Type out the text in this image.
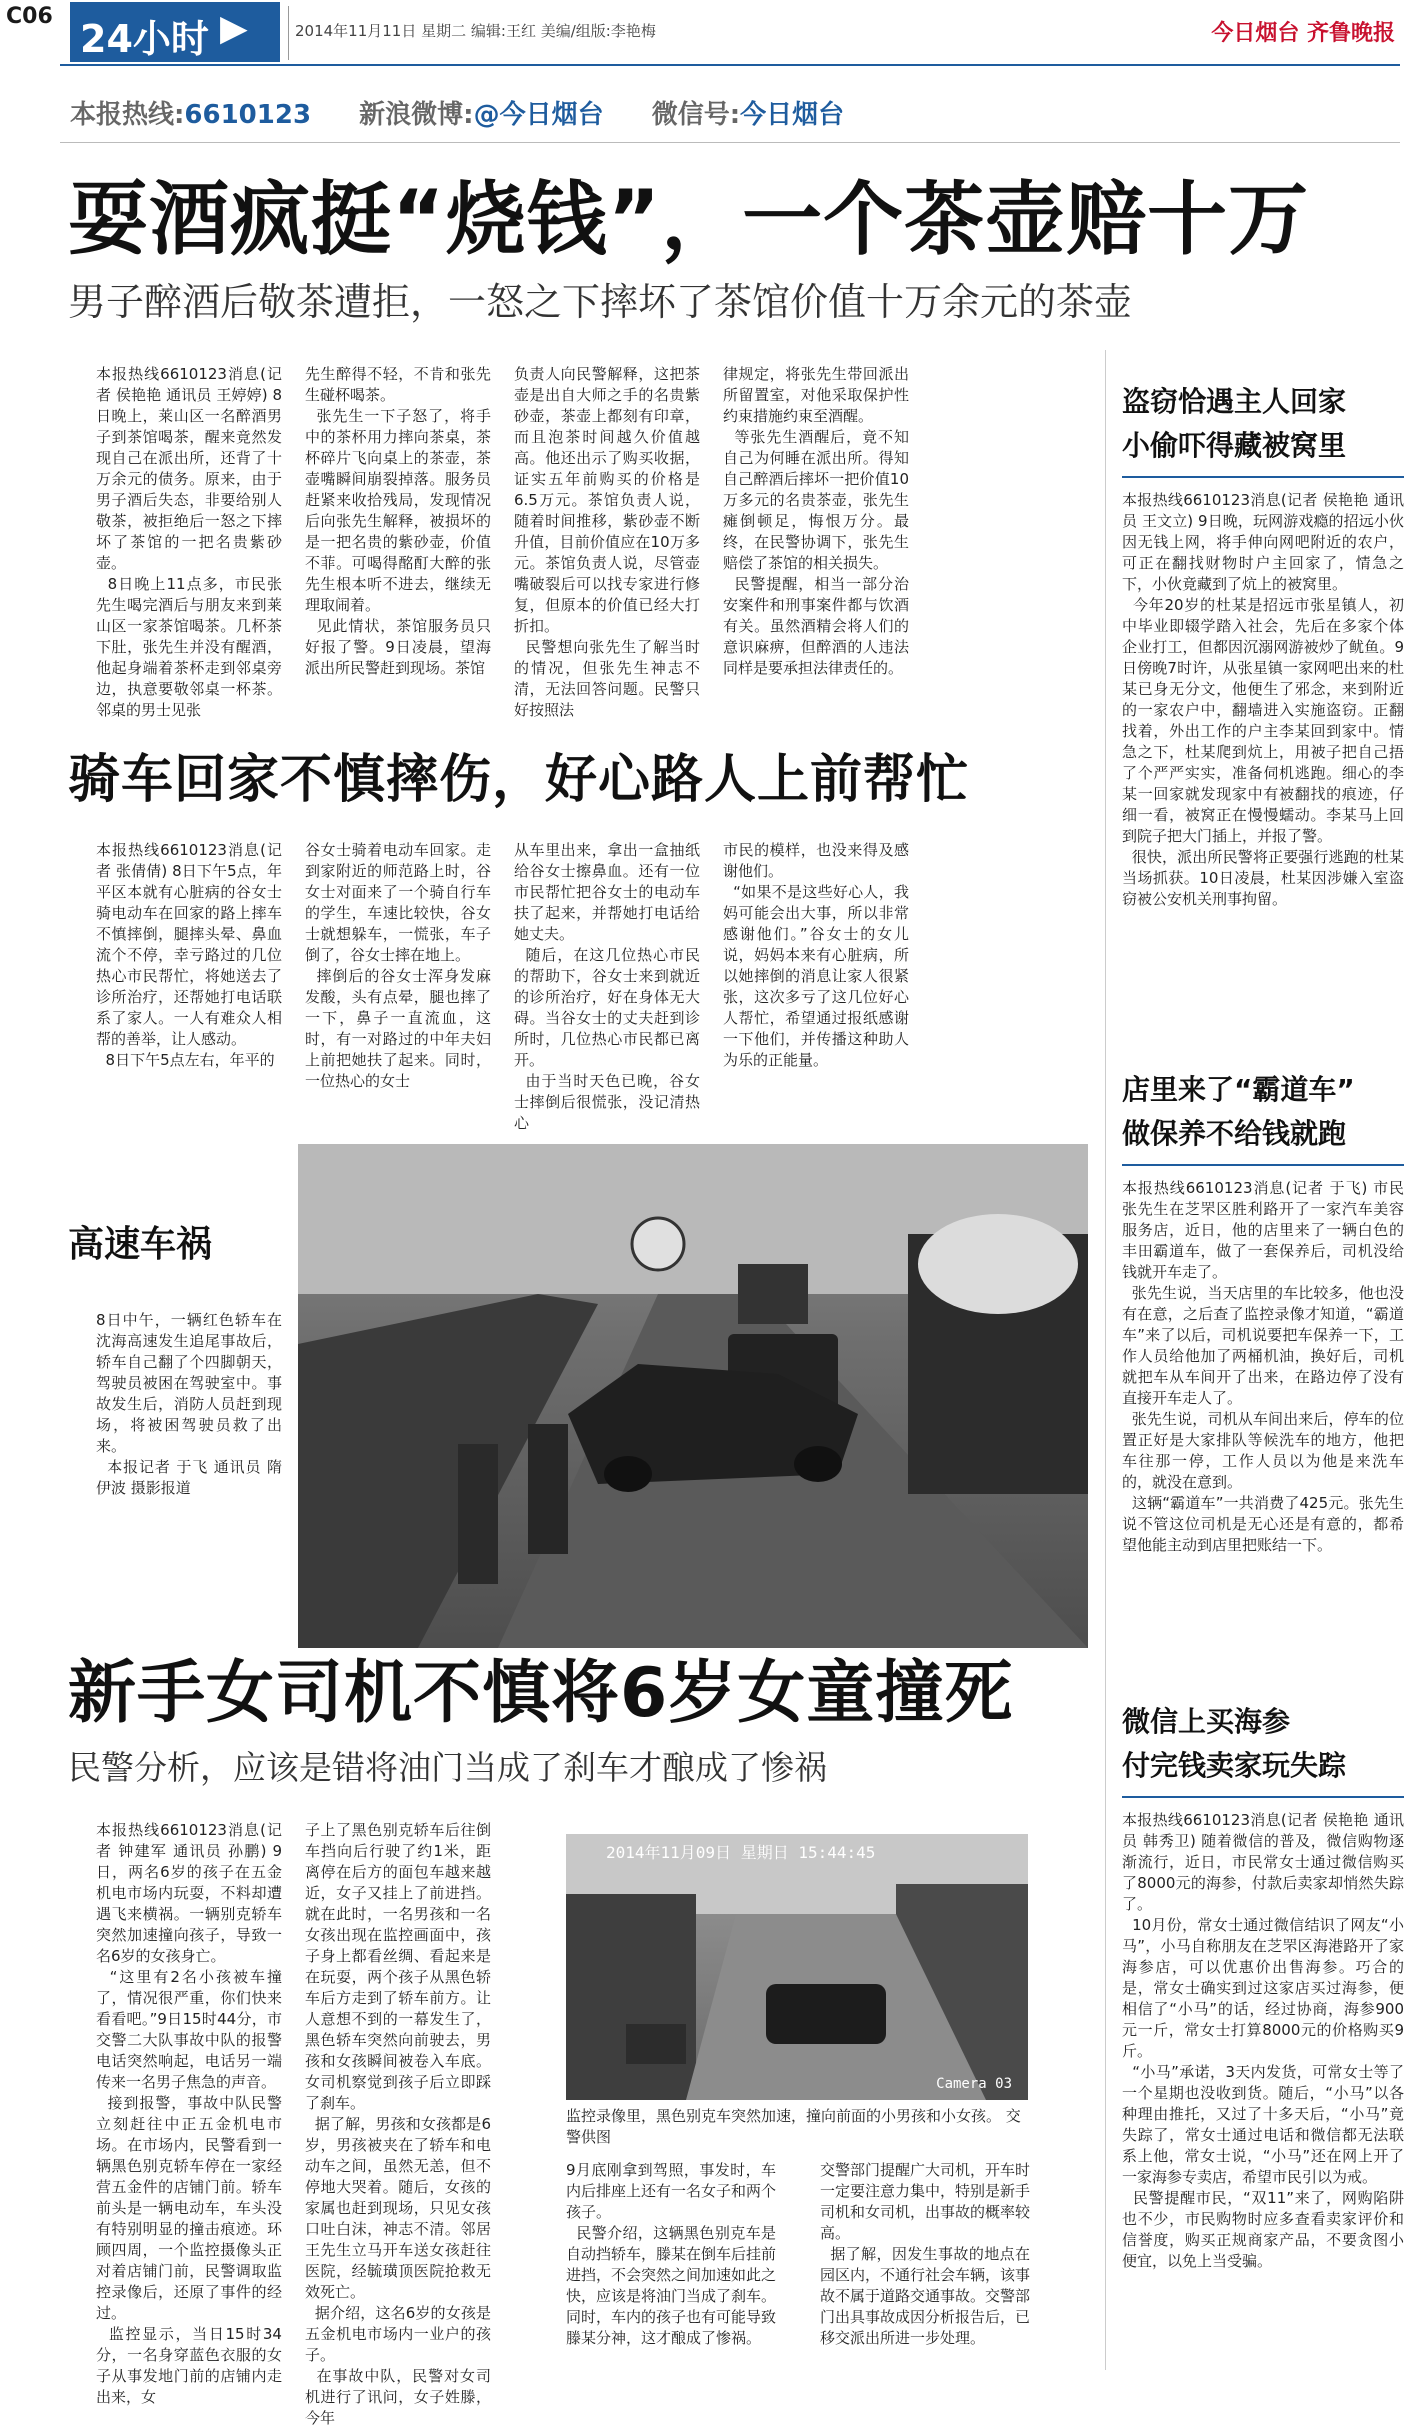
C06
24小时 ▶	2014年11月11日 星期二 编辑:王红 美编/组版:李艳梅	今日烟台 齐鲁晚报
本报热线:6610123 新浪微博:@今日烟台 微信号:今日烟台
耍酒疯挺“烧钱”，一个茶壶赔十万
男子醉酒后敬茶遭拒，一怒之下摔坏了茶馆价值十万余元的茶壶
本报热线6610123消息(记者 侯艳艳 通讯员 王婷婷) 8日晚上，莱山区一名醉酒男子到茶馆喝茶，醒来竟然发现自己在派出所，还背了十万余元的债务。原来，由于男子酒后失态，非要给别人敬茶，被拒绝后一怒之下摔坏了茶馆的一把名贵紫砂壶。
8日晚上11点多，市民张先生喝完酒后与朋友来到莱山区一家茶馆喝茶。几杯茶下肚，张先生并没有醒酒，他起身端着茶杯走到邻桌旁边，执意要敬邻桌一杯茶。邻桌的男士见张
先生醉得不轻，不肯和张先生碰杯喝茶。
张先生一下子怒了，将手中的茶杯用力摔向茶桌，茶杯碎片飞向桌上的茶壶，茶壶嘴瞬间崩裂掉落。服务员赶紧来收拾残局，发现情况后向张先生解释，被损坏的是一把名贵的紫砂壶，价值不菲。可喝得酩酊大醉的张先生根本听不进去，继续无理取闹着。
见此情状，茶馆服务员只好报了警。9日凌晨，望海派出所民警赶到现场。茶馆
负责人向民警解释，这把茶壶是出自大师之手的名贵紫砂壶，茶壶上都刻有印章，而且泡茶时间越久价值越高。他还出示了购买收据，证实五年前购买的价格是6.5万元。茶馆负责人说，随着时间推移，紫砂壶不断升值，目前价值应在10万多元。茶馆负责人说，尽管壶嘴破裂后可以找专家进行修复，但原本的价值已经大打折扣。
民警想向张先生了解当时的情况，但张先生神志不清，无法回答问题。民警只好按照法
律规定，将张先生带回派出所留置室，对他采取保护性约束措施约束至酒醒。
等张先生酒醒后，竟不知自己为何睡在派出所。得知自己醉酒后摔坏一把价值10万多元的名贵茶壶，张先生瘫倒顿足，悔恨万分。最终，在民警协调下，张先生赔偿了茶馆的相关损失。
民警提醒，相当一部分治安案件和刑事案件都与饮酒有关。虽然酒精会将人们的意识麻痹，但醉酒的人违法同样是要承担法律责任的。
骑车回家不慎摔伤，好心路人上前帮忙
本报热线6610123消息(记者 张倩倩) 8日下午5点，年平区本就有心脏病的谷女士骑电动车在回家的路上摔车不慎摔倒，腿摔头晕、鼻血流个不停，幸亏路过的几位热心市民帮忙，将她送去了诊所治疗，还帮她打电话联系了家人。一人有难众人相帮的善举，让人感动。
8日下午5点左右，年平的
谷女士骑着电动车回家。走到家附近的师范路上时，谷女士对面来了一个骑自行车的学生，车速比较快，谷女士就想躲车，一慌张，车子倒了，谷女士摔在地上。
摔倒后的谷女士浑身发麻发酸，头有点晕，腿也摔了一下，鼻子一直流血，这时，有一对路过的中年夫妇上前把她扶了起来。同时，一位热心的女士
从车里出来，拿出一盒抽纸给谷女士擦鼻血。还有一位市民帮忙把谷女士的电动车扶了起来，并帮她打电话给她丈夫。
随后，在这几位热心市民的帮助下，谷女士来到就近的诊所治疗，好在身体无大碍。当谷女士的丈夫赶到诊所时，几位热心市民都已离开。
由于当时天色已晚，谷女士摔倒后很慌张，没记清热心
市民的模样，也没来得及感谢他们。
“如果不是这些好心人，我妈可能会出大事，所以非常感谢他们。”谷女士的女儿说，妈妈本来有心脏病，所以她摔倒的消息让家人很紧张，这次多亏了这几位好心人帮忙，希望通过报纸感谢一下他们，并传播这种助人为乐的正能量。
高速车祸
8日中午，一辆红色轿车在沈海高速发生追尾事故后，轿车自己翻了个四脚朝天，驾驶员被困在驾驶室中。事故发生后，消防人员赶到现场，将被困驾驶员救了出来。
本报记者 于飞 通讯员 隋伊波 摄影报道
新手女司机不慎将6岁女童撞死
民警分析，应该是错将油门当成了刹车才酿成了惨祸
本报热线6610123消息(记者 钟建军 通讯员 孙鹏) 9日，两名6岁的孩子在五金机电市场内玩耍，不料却遭遇飞来横祸。一辆别克轿车突然加速撞向孩子，导致一名6岁的女孩身亡。
“这里有2名小孩被车撞了，情况很严重，你们快来看看吧。”9日15时44分，市交警二大队事故中队的报警电话突然响起，电话另一端传来一名男子焦急的声音。
接到报警，事故中队民警立刻赶往中正五金机电市场。在市场内，民警看到一辆黑色别克轿车停在一家经营五金件的店铺门前。轿车前头是一辆电动车，车头没有特别明显的撞击痕迹。环顾四周，一个监控摄像头正对着店铺门前，民警调取监控录像后，还原了事件的经过。
监控显示，当日15时34分，一名身穿蓝色衣服的女子从事发地门前的店铺内走出来，女
子上了黑色别克轿车后往倒车挡向后行驶了约1米，距离停在后方的面包车越来越近，女子又挂上了前进挡。就在此时，一名男孩和一名女孩出现在监控画面中，孩子身上都看丝绸、看起来是在玩耍，两个孩子从黑色轿车后方走到了轿车前方。让人意想不到的一幕发生了，黑色轿车突然向前驶去，男孩和女孩瞬间被卷入车底。女司机察觉到孩子后立即踩了刹车。
据了解，男孩和女孩都是6岁，男孩被夹在了轿车和电动车之间，虽然无恙，但不停地大哭着。随后，女孩的家属也赶到现场，只见女孩口吐白沫，神志不清。邻居王先生立马开车送女孩赶往医院，经毓璜顶医院抢救无效死亡。
据介绍，这名6岁的女孩是五金机电市场内一业户的孩子。
在事故中队，民警对女司机进行了讯问，女子姓滕，今年
2014年11月09日 星期日 15:44:45
Camera 03
监控录像里，黑色别克车突然加速，撞向前面的小男孩和小女孩。 交警供图
9月底刚拿到驾照，事发时，车内后排座上还有一名女子和两个孩子。
民警介绍，这辆黑色别克车是自动挡轿车，滕某在倒车后挂前进挡，不会突然之间加速如此之快，应该是将油门当成了刹车。同时，车内的孩子也有可能导致滕某分神，这才酿成了惨祸。
交警部门提醒广大司机，开车时一定要注意力集中，特别是新手司机和女司机，出事故的概率较高。
据了解，因发生事故的地点在园区内，不通行社会车辆，该事故不属于道路交通事故。交警部门出具事故成因分析报告后，已移交派出所进一步处理。
盗窃恰遇主人回家
小偷吓得藏被窝里
本报热线6610123消息(记者 侯艳艳 通讯员 王文立) 9日晚，玩网游戏瘾的招远小伙因无钱上网，将手伸向网吧附近的农户，可正在翻找财物时户主回家了，情急之下，小伙竟藏到了炕上的被窝里。
今年20岁的杜某是招远市张星镇人，初中毕业即辍学踏入社会，先后在多家个体企业打工，但都因沉溺网游被炒了鱿鱼。9日傍晚7时许，从张星镇一家网吧出来的杜某已身无分文，他便生了邪念，来到附近的一家农户中，翻墙进入实施盗窃。正翻找着，外出工作的户主李某回到家中。情急之下，杜某爬到炕上，用被子把自己捂了个严严实实，准备伺机逃跑。细心的李某一回家就发现家中有被翻找的痕迹，仔细一看，被窝正在慢慢蠕动。李某马上回到院子把大门插上，并报了警。
很快，派出所民警将正要强行逃跑的杜某当场抓获。10日凌晨，杜某因涉嫌入室盗窃被公安机关刑事拘留。
店里来了“霸道车”
做保养不给钱就跑
本报热线6610123消息(记者 于飞) 市民张先生在芝罘区胜利路开了一家汽车美容服务店，近日，他的店里来了一辆白色的丰田霸道车，做了一套保养后，司机没给钱就开车走了。
张先生说，当天店里的车比较多，他也没有在意，之后查了监控录像才知道，“霸道车”来了以后，司机说要把车保养一下，工作人员给他加了两桶机油，换好后，司机就把车从车间开了出来，在路边停了没有直接开车走人了。
张先生说，司机从车间出来后，停车的位置正好是大家排队等候洗车的地方，他把车往那一停，工作人员以为他是来洗车的，就没在意到。
这辆“霸道车”一共消费了425元。张先生说不管这位司机是无心还是有意的，都希望他能主动到店里把账结一下。
微信上买海参
付完钱卖家玩失踪
本报热线6610123消息(记者 侯艳艳 通讯员 韩秀卫) 随着微信的普及，微信购物逐渐流行，近日，市民常女士通过微信购买了8000元的海参，付款后卖家却悄然失踪了。
10月份，常女士通过微信结识了网友“小马”，小马自称朋友在芝罘区海港路开了家海参店，可以优惠价出售海参。巧合的是，常女士确实到过这家店买过海参，便相信了“小马”的话，经过协商，海参900元一斤，常女士打算8000元的价格购买9斤。
“小马”承诺，3天内发货，可常女士等了一个星期也没收到货。随后，“小马”以各种理由推托，又过了十多天后，“小马”竟失踪了，常女士通过电话和微信都无法联系上他，常女士说，“小马”还在网上开了一家海参专卖店，希望市民引以为戒。
民警提醒市民，“双11”来了，网购陷阱也不少，市民购物时应多查看卖家评价和信誉度，购买正规商家产品，不要贪图小便宜，以免上当受骗。
